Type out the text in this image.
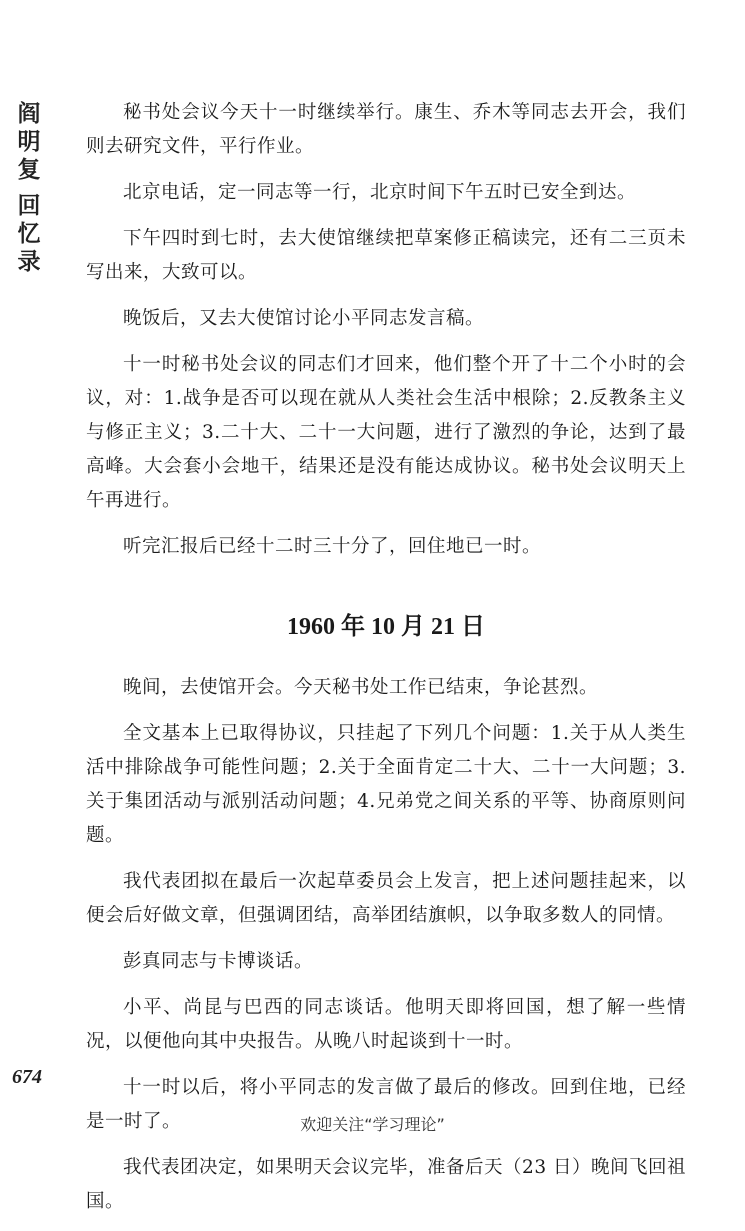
阎
明
复
回
忆
录

秘书处会议今天十一时继续举行。康生、乔木等同志去开会，我们则去研究文件，平行作业。

北京电话，定一同志等一行，北京时间下午五时已安全到达。

下午四时到七时，去大使馆继续把草案修正稿读完，还有二三页未写出来，大致可以。

晚饭后，又去大使馆讨论小平同志发言稿。

十一时秘书处会议的同志们才回来，他们整个开了十二个小时的会议，对：1.战争是否可以现在就从人类社会生活中根除；2.反教条主义与修正主义；3.二十大、二十一大问题，进行了激烈的争论，达到了最高峰。大会套小会地干，结果还是没有能达成协议。秘书处会议明天上午再进行。

听完汇报后已经十二时三十分了，回住地已一时。

1960 年 10 月 21 日

晚间，去使馆开会。今天秘书处工作已结束，争论甚烈。

全文基本上已取得协议，只挂起了下列几个问题：1.关于从人类生活中排除战争可能性问题；2.关于全面肯定二十大、二十一大问题；3.关于集团活动与派别活动问题；4.兄弟党之间关系的平等、协商原则问题。

我代表团拟在最后一次起草委员会上发言，把上述问题挂起来，以便会后好做文章，但强调团结，高举团结旗帜，以争取多数人的同情。

彭真同志与卡博谈话。

小平、尚昆与巴西的同志谈话。他明天即将回国，想了解一些情况，以便他向其中央报告。从晚八时起谈到十一时。

十一时以后，将小平同志的发言做了最后的修改。回到住地，已经是一时了。

我代表团决定，如果明天会议完毕，准备后天（23 日）晚间飞回祖国。

674
欢迎关注“学习理论”
